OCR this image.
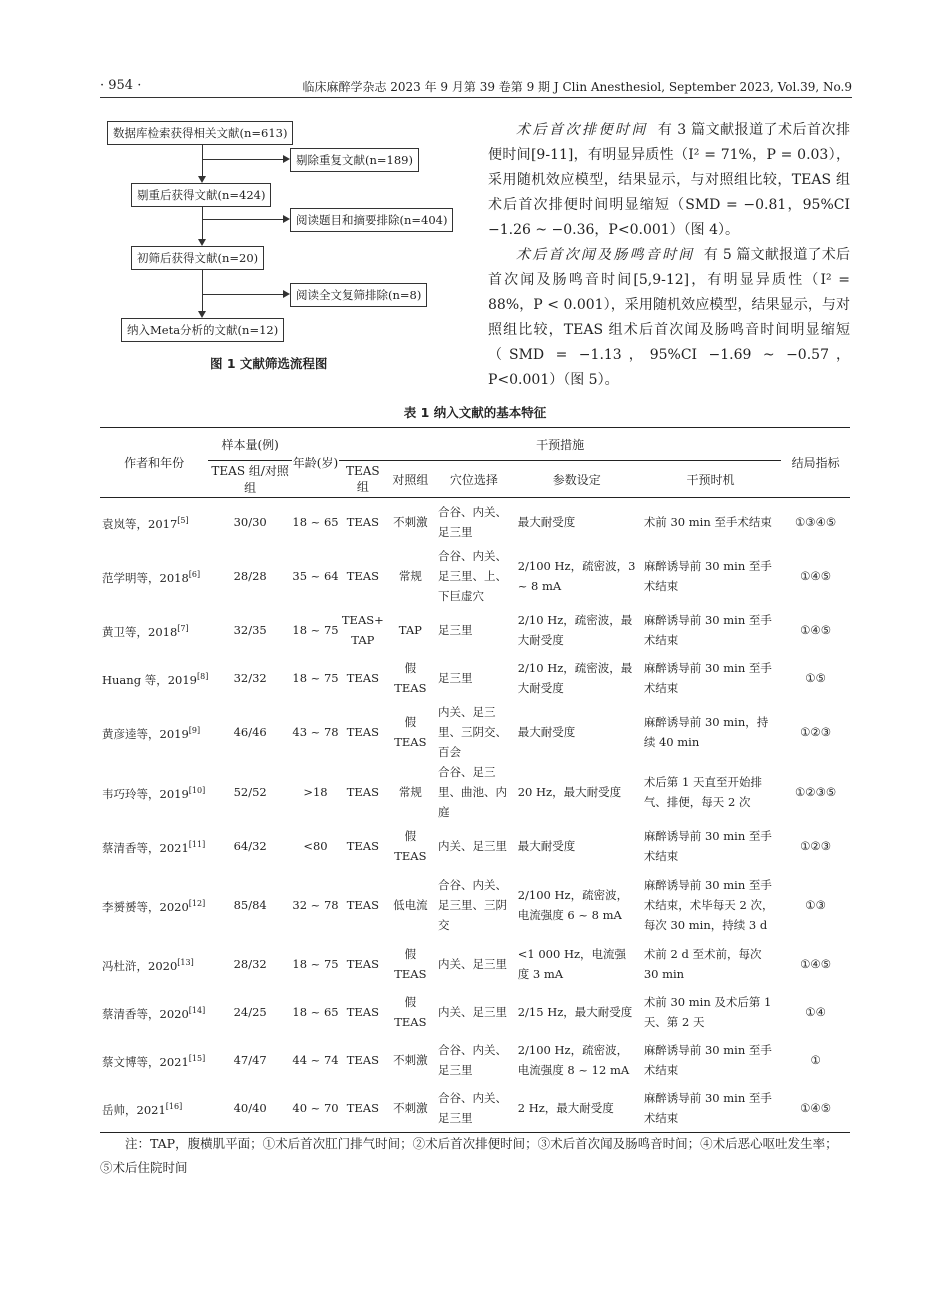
· 954 ·	临床麻醉学杂志 2023 年 9 月第 39 卷第 9 期 J Clin Anesthesiol, September 2023, Vol.39, No.9
数据库检索获得相关文献(n=613)
剔除重复文献(n=189)
剔重后获得文献(n=424)
阅读题目和摘要排除(n=404)
初筛后获得文献(n=20)
阅读全文复筛排除(n=8)
纳入Meta分析的文献(n=12)
图 1 文献筛选流程图

术后首次排便时间 有 3 篇文献报道了术后首次排便时间[9-11]，有明显异质性（I² = 71%，P = 0.03），采用随机效应模型，结果显示，与对照组比较，TEAS 组术后首次排便时间明显缩短（SMD = −0.81，95%CI −1.26 ~ −0.36，P<0.001）（图 4）。

术后首次闻及肠鸣音时间 有 5 篇文献报道了术后首次闻及肠鸣音时间[5,9-12]，有明显异质性（I² = 88%，P < 0.001），采用随机效应模型，结果显示，与对照组比较，TEAS 组术后首次闻及肠鸣音时间明显缩短（SMD = −1.13，95%CI −1.69 ~ −0.57，P<0.001）（图 5）。

表 1 纳入文献的基本特征
作者和年份	样本量(例)	年龄(岁)	干预措施					结局指标
	TEAS 组/对照组		TEAS 组	对照组	穴位选择	参数设定	干预时机	
袁岚等，2017[5]	30/30	18 ~ 65	TEAS	不刺激	合谷、内关、足三里	最大耐受度	术前 30 min 至手术结束	①③④⑤
范学明等，2018[6]	28/28	35 ~ 64	TEAS	常规	合谷、内关、足三里、上、下巨虚穴	2/100 Hz，疏密波，3 ~ 8 mA	麻醉诱导前 30 min 至手术结束	①④⑤
黄卫等，2018[7]	32/35	18 ~ 75	TEAS+ TAP	TAP	足三里	2/10 Hz，疏密波，最大耐受度	麻醉诱导前 30 min 至手术结束	①④⑤
Huang 等，2019[8]	32/32	18 ~ 75	TEAS	假 TEAS	足三里	2/10 Hz，疏密波，最大耐受度	麻醉诱导前 30 min 至手术结束	①⑤
黄彦逵等，2019[9]	46/46	43 ~ 78	TEAS	假 TEAS	内关、足三里、三阴交、百会	最大耐受度	麻醉诱导前 30 min，持续 40 min	①②③
韦巧玲等，2019[10]	52/52	>18	TEAS	常规	合谷、足三里、曲池、内庭	20 Hz，最大耐受度	术后第 1 天直至开始排气、排便，每天 2 次	①②③⑤
蔡清香等，2021[11]	64/32	<80	TEAS	假 TEAS	内关、足三里	最大耐受度	麻醉诱导前 30 min 至手术结束	①②③
李赟赟等，2020[12]	85/84	32 ~ 78	TEAS	低电流	合谷、内关、足三里、三阴交	2/100 Hz，疏密波，电流强度 6 ~ 8 mA	麻醉诱导前 30 min 至手术结束，术毕每天 2 次，每次 30 min，持续 3 d	①③
冯杜浒，2020[13]	28/32	18 ~ 75	TEAS	假 TEAS	内关、足三里	<1 000 Hz，电流强度 3 mA	术前 2 d 至术前，每次 30 min	①④⑤
蔡清香等，2020[14]	24/25	18 ~ 65	TEAS	假 TEAS	内关、足三里	2/15 Hz，最大耐受度	术前 30 min 及术后第 1 天、第 2 天	①④
蔡文博等，2021[15]	47/47	44 ~ 74	TEAS	不刺激	合谷、内关、足三里	2/100 Hz，疏密波，电流强度 8 ~ 12 mA	麻醉诱导前 30 min 至手术结束	①
岳帅，2021[16]	40/40	40 ~ 70	TEAS	不刺激	合谷、内关、足三里	2 Hz，最大耐受度	麻醉诱导前 30 min 至手术结束	①④⑤
注：TAP，腹横肌平面；①术后首次肛门排气时间；②术后首次排便时间；③术后首次闻及肠鸣音时间；④术后恶心呕吐发生率；⑤术后住院时间
